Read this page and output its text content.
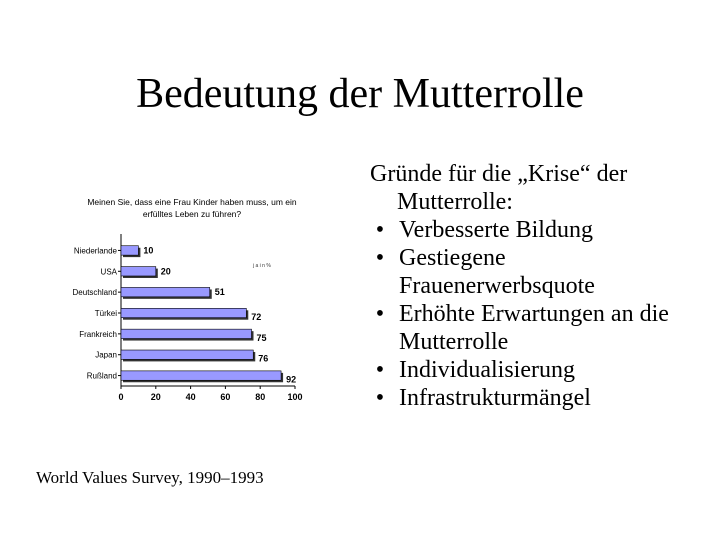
Bedeutung der Mutterrolle
Meinen Sie, dass eine Frau Kinder haben muss, um ein erfülltes Leben zu führen?
0	20	40	60	80 100
j a i n %
Niederlande	10
USA	20
Deutschland	51
Türkei	72
Frankreich	75
Japan	76
Rußland	92
World Values Survey, 1990–1993
Gründe für die „Krise“ der Mutterrolle:
• Verbesserte Bildung
• Gestiegene Frauenerwerbsquote
• Erhöhte Erwartungen an die Mutterrolle
• Individualisierung
• Infrastrukturmängel
